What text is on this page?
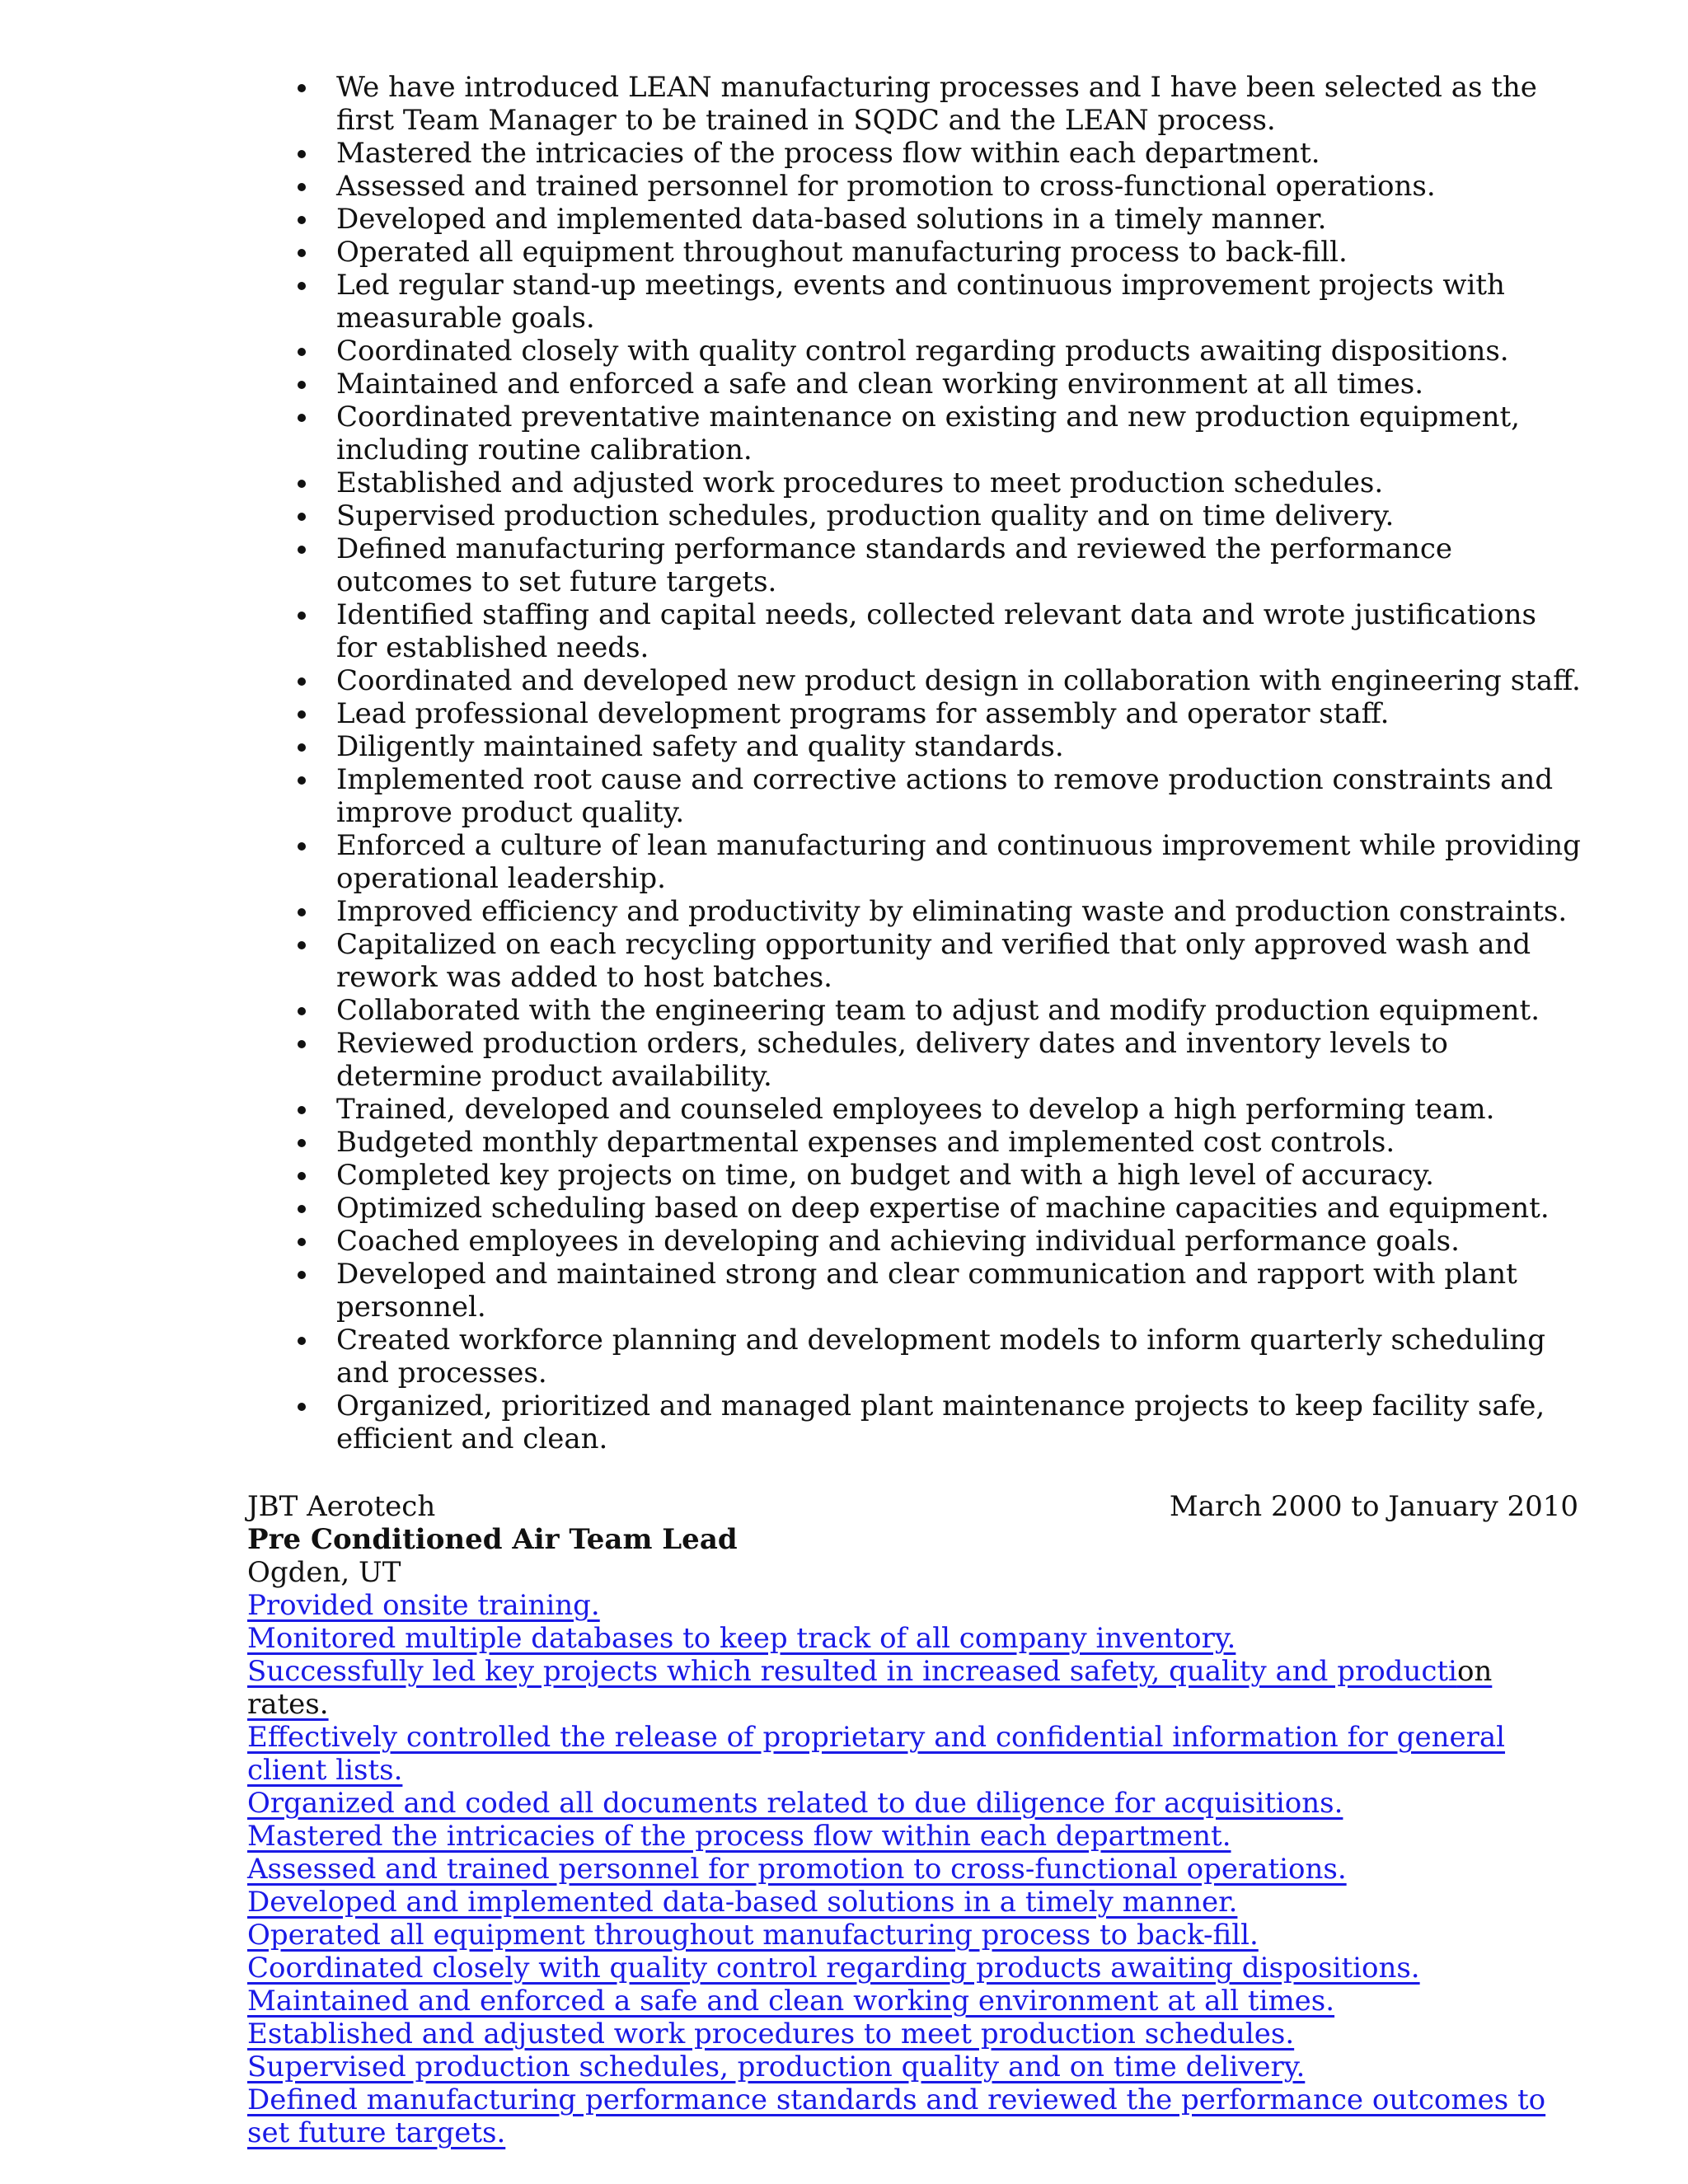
We have introduced LEAN manufacturing processes and I have been selected as the first Team Manager to be trained in SQDC and the LEAN process.
Mastered the intricacies of the process flow within each department.
Assessed and trained personnel for promotion to cross-functional operations.
Developed and implemented data-based solutions in a timely manner.
Operated all equipment throughout manufacturing process to back-fill.
Led regular stand-up meetings, events and continuous improvement projects with measurable goals.
Coordinated closely with quality control regarding products awaiting dispositions.
Maintained and enforced a safe and clean working environment at all times.
Coordinated preventative maintenance on existing and new production equipment, including routine calibration.
Established and adjusted work procedures to meet production schedules.
Supervised production schedules, production quality and on time delivery.
Defined manufacturing performance standards and reviewed the performance outcomes to set future targets.
Identified staffing and capital needs, collected relevant data and wrote justifications for established needs.
Coordinated and developed new product design in collaboration with engineering staff.
Lead professional development programs for assembly and operator staff.
Diligently maintained safety and quality standards.
Implemented root cause and corrective actions to remove production constraints and improve product quality.
Enforced a culture of lean manufacturing and continuous improvement while providing operational leadership.
Improved efficiency and productivity by eliminating waste and production constraints.
Capitalized on each recycling opportunity and verified that only approved wash and rework was added to host batches.
Collaborated with the engineering team to adjust and modify production equipment.
Reviewed production orders, schedules, delivery dates and inventory levels to determine product availability.
Trained, developed and counseled employees to develop a high performing team.
Budgeted monthly departmental expenses and implemented cost controls.
Completed key projects on time, on budget and with a high level of accuracy.
Optimized scheduling based on deep expertise of machine capacities and equipment.
Coached employees in developing and achieving individual performance goals.
Developed and maintained strong and clear communication and rapport with plant personnel.
Created workforce planning and development models to inform quarterly scheduling and processes.
Organized, prioritized and managed plant maintenance projects to keep facility safe, efficient and clean.
JBT Aerotech	March 2000 to January 2010
Pre Conditioned Air Team Lead
Ogden, UT
Provided onsite training.
Monitored multiple databases to keep track of all company inventory.
Successfully led key projects which resulted in increased safety, quality and production rates.
Effectively controlled the release of proprietary and confidential information for general client lists.
Organized and coded all documents related to due diligence for acquisitions.
Mastered the intricacies of the process flow within each department.
Assessed and trained personnel for promotion to cross-functional operations.
Developed and implemented data-based solutions in a timely manner.
Operated all equipment throughout manufacturing process to back-fill.
Coordinated closely with quality control regarding products awaiting dispositions.
Maintained and enforced a safe and clean working environment at all times.
Established and adjusted work procedures to meet production schedules.
Supervised production schedules, production quality and on time delivery.
Defined manufacturing performance standards and reviewed the performance outcomes to set future targets.
